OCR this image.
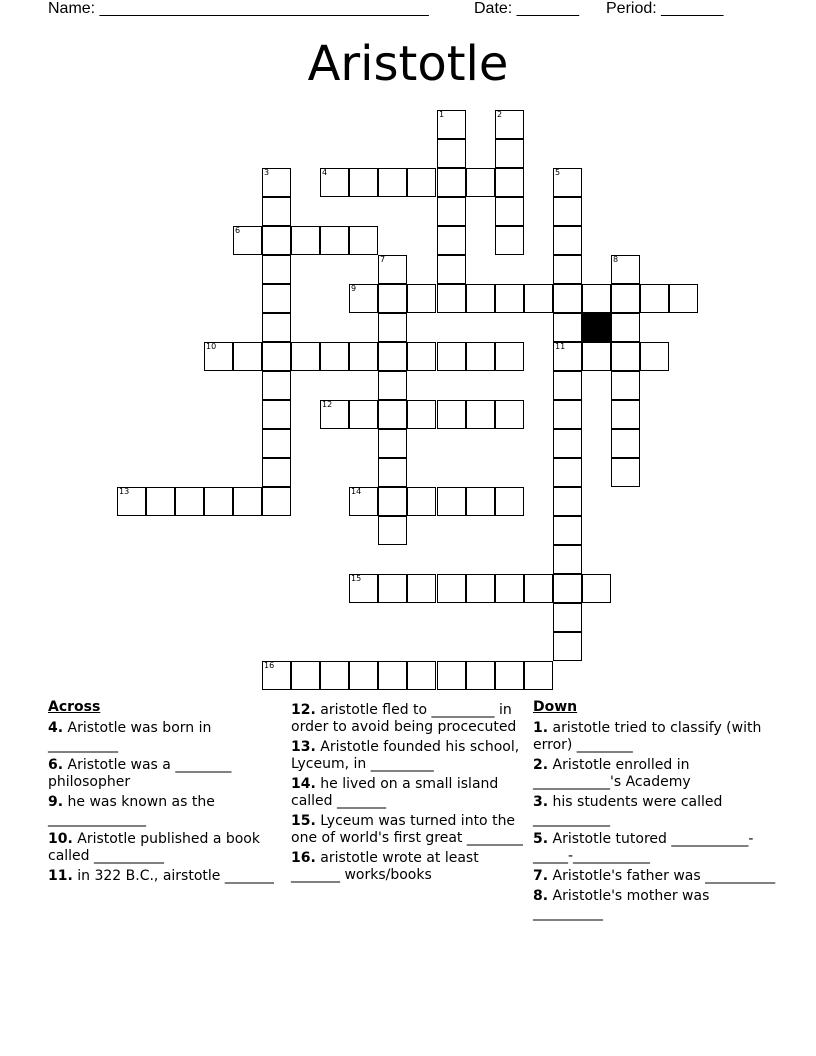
Name: _____________________________________	Date: _______ Period: _______
Aristotle
1	2
3	4	5
6
7	8
9
10	11
12
13	14
15
16
Across
4. Aristotle was born in __________
6. Aristotle was a ________ philosopher
9. he was known as the ______________
10. Aristotle published a book called __________
11. in 322 B.C., airstotle _______
12. aristotle fled to _________ in order to avoid being procecuted
13. Aristotle founded his school, Lyceum, in _________
14. he lived on a small island called _______
15. Lyceum was turned into the one of world's first great ________
16. aristotle wrote at least _______ works/books
Down
1. aristotle tried to classify (with error) ________
2. Aristotle enrolled in ___________'s Academy
3. his students were called ___________
5. Aristotle tutored ___________-_____-___________
7. Aristotle's father was __________
8. Aristotle's mother was __________
